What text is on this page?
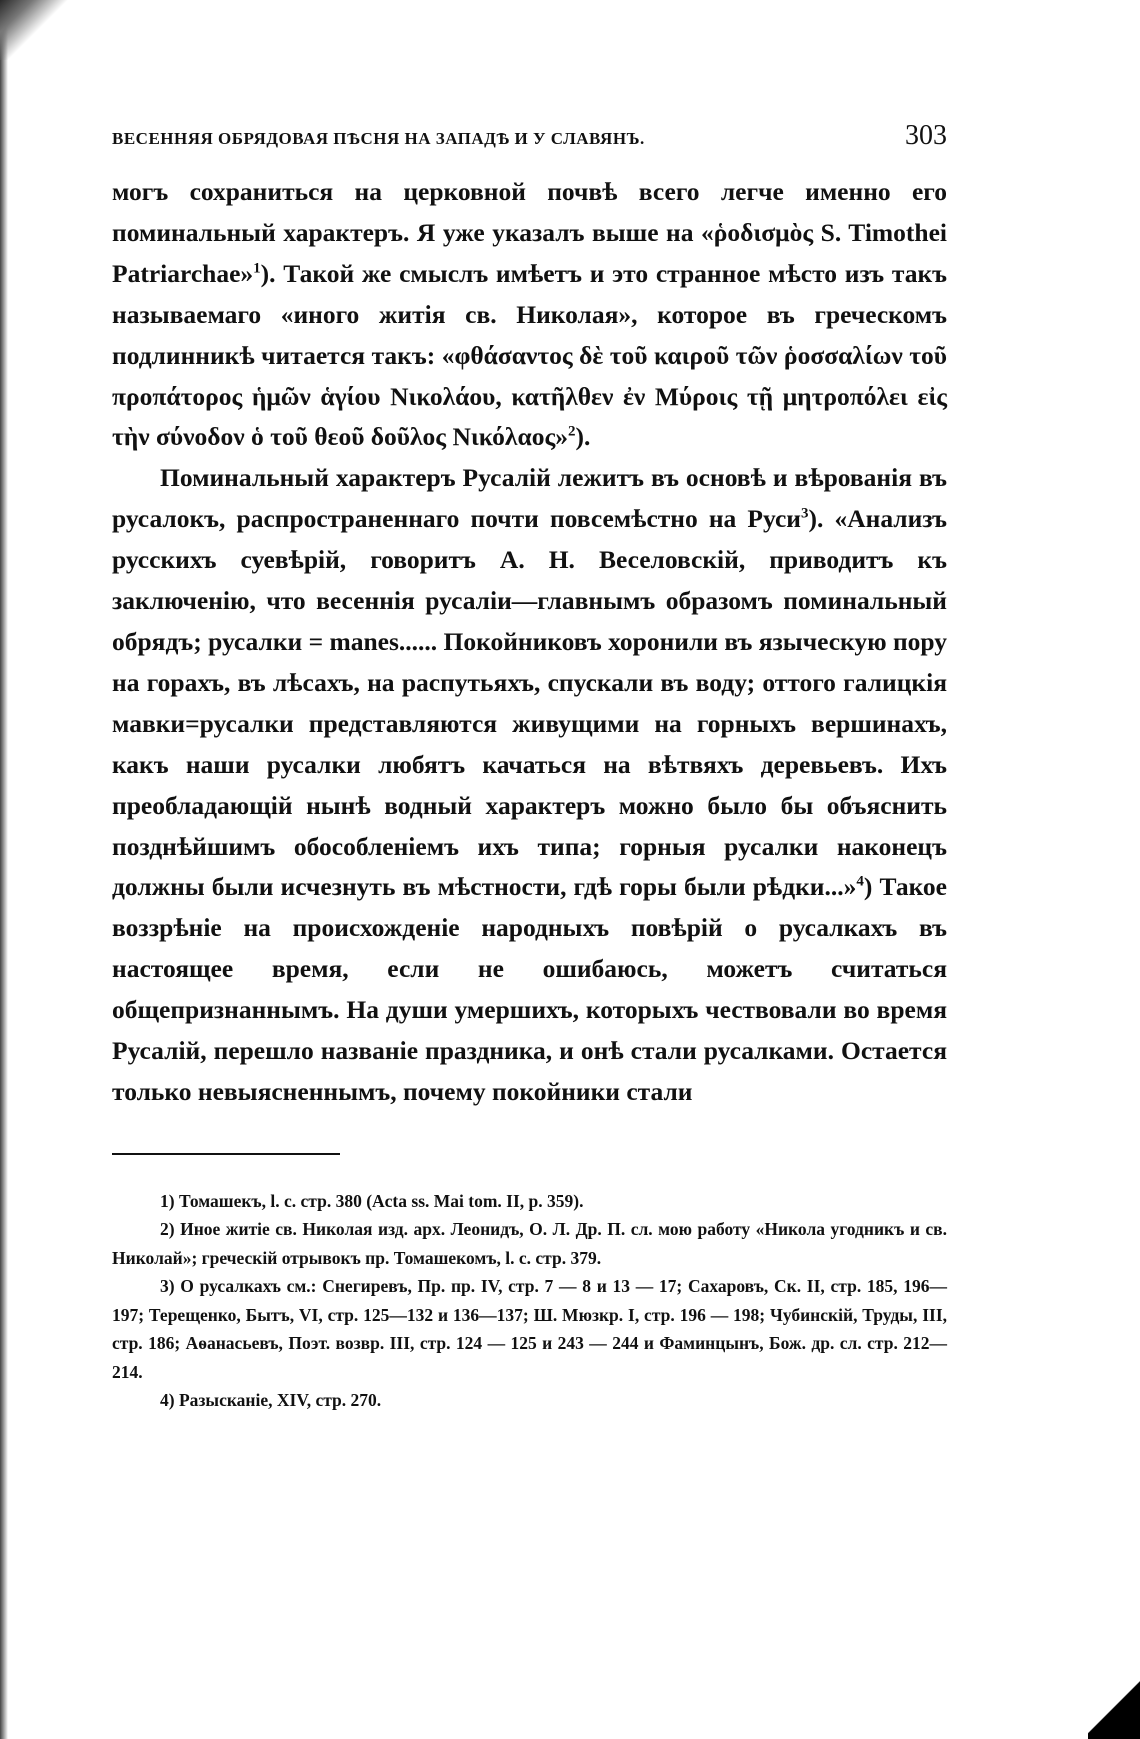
ВЕСЕННЯЯ ОБРЯДОВАЯ ПѢСНЯ НА ЗАПАДѢ И У СЛАВЯНЪ.	303

могъ сохраниться на церковной почвѣ всего легче именно его поминальный характеръ. Я уже указалъ выше на «ῥοδισμὸς S. Timothei Patriarchae»$^1$). Такой же смыслъ имѣетъ и это странное мѣсто изъ такъ называемаго «иного житія св. Николая», которое въ греческомъ подлинникѣ читается такъ: «φθάσαντος δὲ τοῦ καιροῦ τῶν ῥοσσαλίων τοῦ προπάτορος ἡμῶν ἁγίου Νικολάου, κατῆλθεν ἐν Μύροις τῇ μητροπόλει εἰς τὴν σύνοδον ὁ τοῦ θεοῦ δοῦλος Νικόλαος»$^2$).

Поминальный характеръ Русалій лежитъ въ основѣ и вѣрованія въ русалокъ, распространеннаго почти повсемѣстно на Руси$^3$). «Анализъ русскихъ суевѣрій, говоритъ А. Н. Веселовскій, приводитъ къ заключенію, что весеннія русаліи—главнымъ образомъ поминальный обрядъ; русалки = manes...... Покойниковъ хоронили въ языческую пору на горахъ, въ лѣсахъ, на распутьяхъ, спускали въ воду; оттого галицкія мавки=русалки представляются живущими на горныхъ вершинахъ, какъ наши русалки любятъ качаться на вѣтвяхъ деревьевъ. Ихъ преобладающій нынѣ водный характеръ можно было бы объяснить позднѣйшимъ обособленіемъ ихъ типа; горныя русалки наконецъ должны были исчезнуть въ мѣстности, гдѣ горы были рѣдки...»$^4$) Такое воззрѣніе на происхожденіе народныхъ повѣрій о русалкахъ въ настоящее время, если не ошибаюсь, можетъ считаться общепризнаннымъ. На души умершихъ, которыхъ чествовали во время Русалій, перешло названіе праздника, и онѣ стали русалками. Остается только невыясненнымъ, почему покойники стали

1) Томашекъ, l. c. стр. 380 (Acta ss. Mai tom. II, p. 359).

2) Иное житіе св. Николая изд. арх. Леонидъ, О. Л. Др. П. сл. мою работу «Никола угодникъ и св. Николай»; греческій отрывокъ пр. Томашекомъ, l. c. стр. 379.

3) О русалкахъ см.: Снегиревъ, Пр. пр. IV, стр. 7 — 8 и 13 — 17; Сахаровъ, Ск. II, стр. 185, 196—197; Терещенко, Бытъ, VI, стр. 125—132 и 136—137; Ш. Мюзкр. I, стр. 196 — 198; Чубинскій, Труды, III, стр. 186; Аѳанасьевъ, Поэт. возвр. III, стр. 124 — 125 и 243 — 244 и Фаминцынъ, Бож. др. сл. стр. 212—214.

4) Разысканіе, XIV, стр. 270.
